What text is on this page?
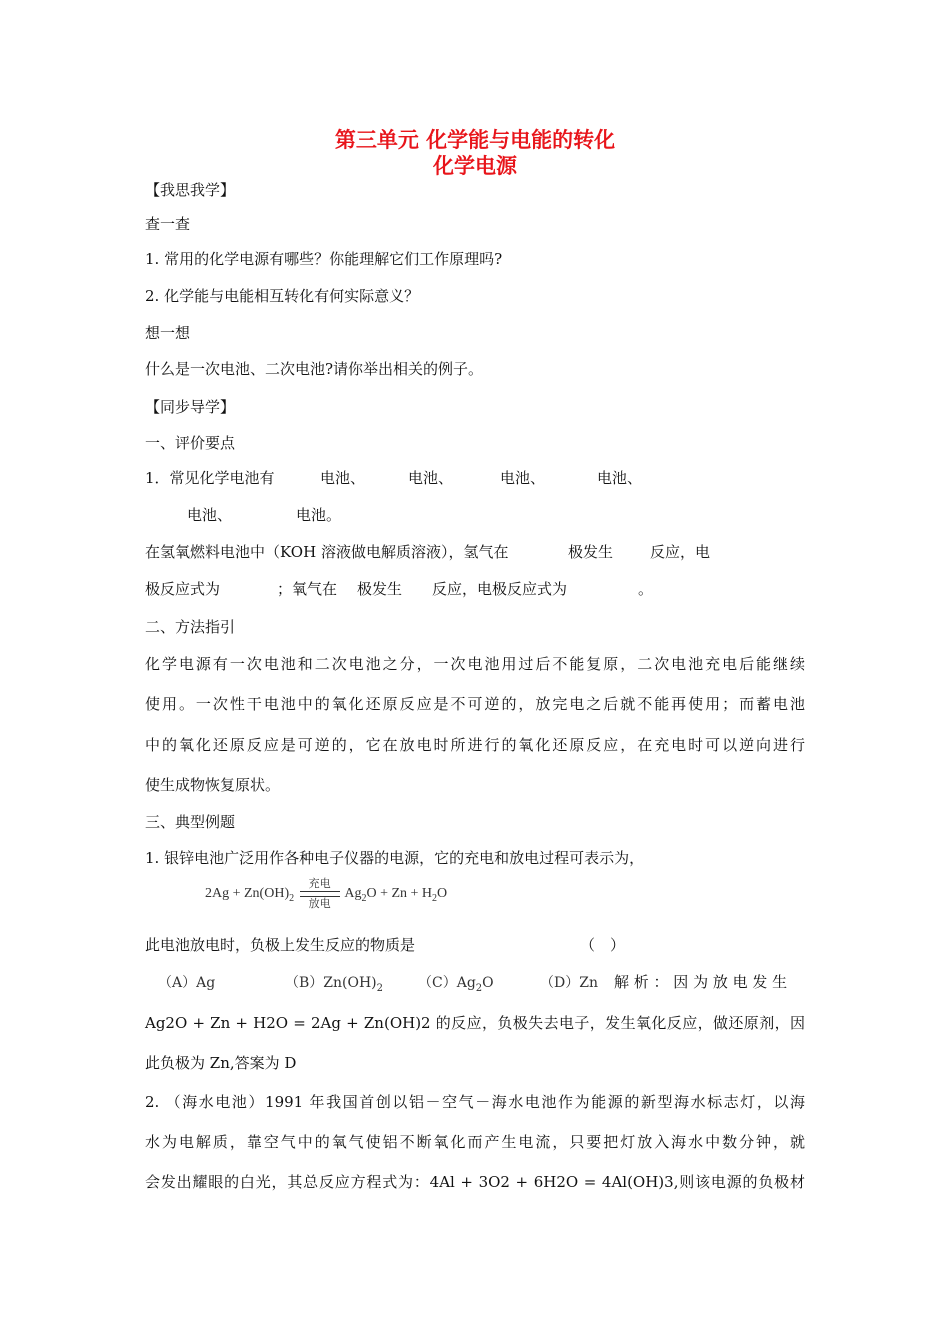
第三单元 化学能与电能的转化
化学电源
【我思我学】
查一查
1. 常用的化学电源有哪些？你能理解它们工作原理吗?
2. 化学能与电能相互转化有何实际意义？
想一想
什么是一次电池、二次电池?请你举出相关的例子。
【同步导学】
一、评价要点
1．常见化学电池有	电池、	电池、	电池、	电池、
电池、	电池。
在氢氧燃料电池中（KOH 溶液做电解质溶液），氢气在	极发生 反应，电
极反应式为	；氧气在 极发生 反应，电极反应式为	。
二、方法指引
化学电源有一次电池和二次电池之分，一次电池用过后不能复原，二次电池充电后能继续
使用。一次性干电池中的氧化还原反应是不可逆的，放完电之后就不能再使用；而蓄电池
中的氧化还原反应是可逆的，它在放电时所进行的氧化还原反应，在充电时可以逆向进行
使生成物恢复原状。
三、典型例题
1. 银锌电池广泛用作各种电子仪器的电源，它的充电和放电过程可表示为，
$2Ag + Zn(OH)_2$
充电
放电
$Ag_2O + Zn + H_2O$
此电池放电时，负极上发生反应的物质是	（　）
（A）Ag	$(B)Zn(OH)_2$ $(C)Ag_2O$	（D）Zn 解 析 ： 因 为 放 电 发 生
Ag2O + Zn + H2O = 2Ag + Zn(OH)2 的反应，负极失去电子，发生氧化反应，做还原剂，因
此负极为 Zn,答案为 D
2. （海水电池）1991 年我国首创以铝－空气－海水电池作为能源的新型海水标志灯，以海
水为电解质，靠空气中的氧气使铝不断氧化而产生电流，只要把灯放入海水中数分钟，就
会发出耀眼的白光，其总反应方程式为：4Al + 3O2 + 6H2O = 4Al(OH)3,则该电源的负极材
